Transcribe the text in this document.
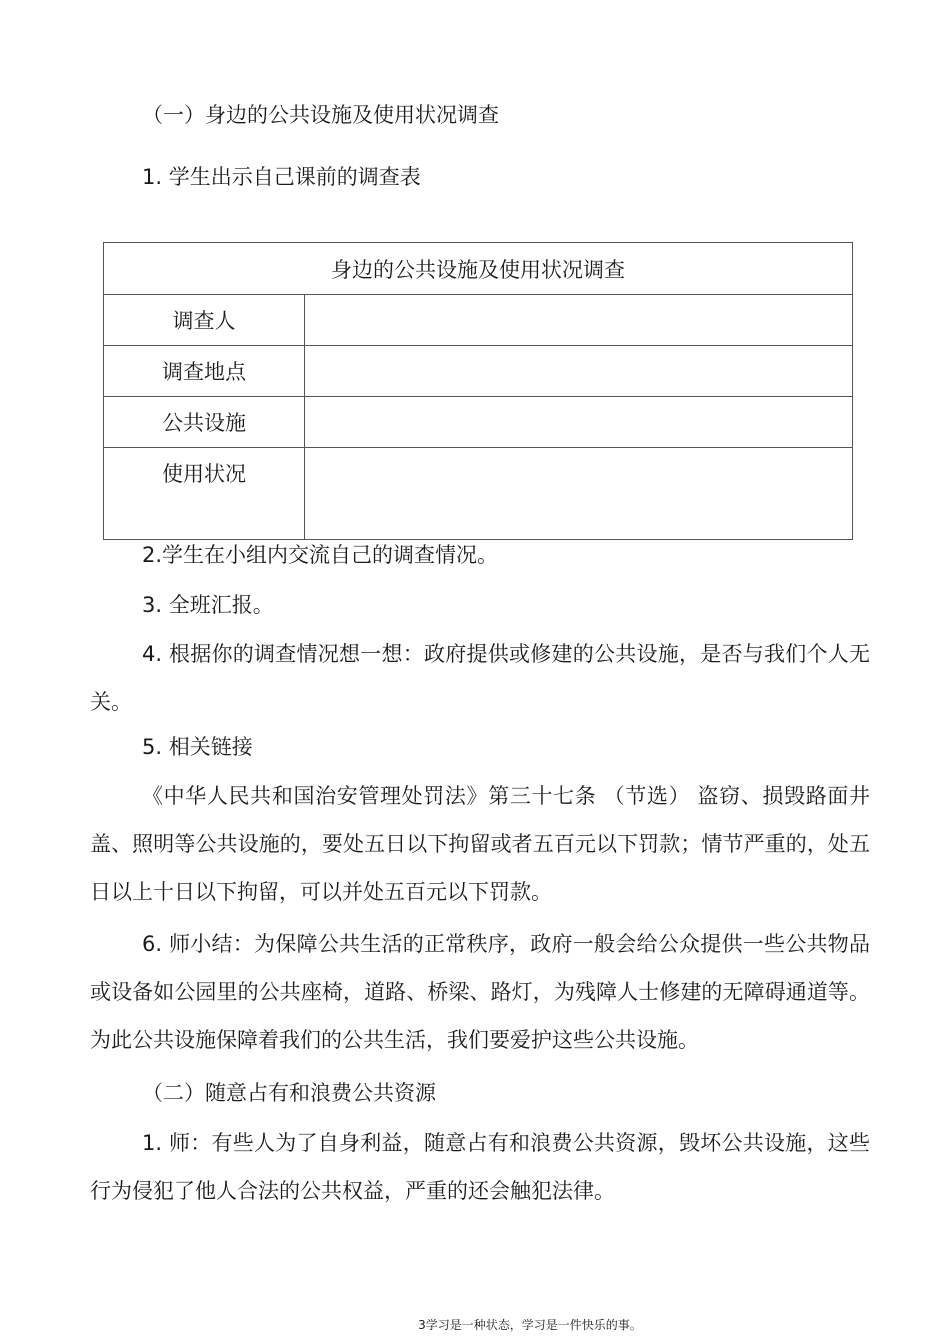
（一）身边的公共设施及使用状况调查
1. 学生出示自己课前的调查表
身边的公共设施及使用状况调查	
调查人	
调查地点	
公共设施	
使用状况	
2.学生在小组内交流自己的调查情况。
3. 全班汇报。
4. 根据你的调查情况想一想：政府提供或修建的公共设施，是否与我们个人无关。
5. 相关链接
《中华人民共和国治安管理处罚法》第三十七条 （节选） 盗窃、损毁路面井盖、照明等公共设施的，要处五日以下拘留或者五百元以下罚款；情节严重的，处五日以上十日以下拘留，可以并处五百元以下罚款。
6. 师小结：为保障公共生活的正常秩序，政府一般会给公众提供一些公共物品或设备如公园里的公共座椅，道路、桥梁、路灯，为残障人士修建的无障碍通道等。为此公共设施保障着我们的公共生活，我们要爱护这些公共设施。
（二）随意占有和浪费公共资源
1. 师：有些人为了自身利益，随意占有和浪费公共资源，毁坏公共设施，这些行为侵犯了他人合法的公共权益，严重的还会触犯法律。
3学习是一种状态，学习是一件快乐的事。
